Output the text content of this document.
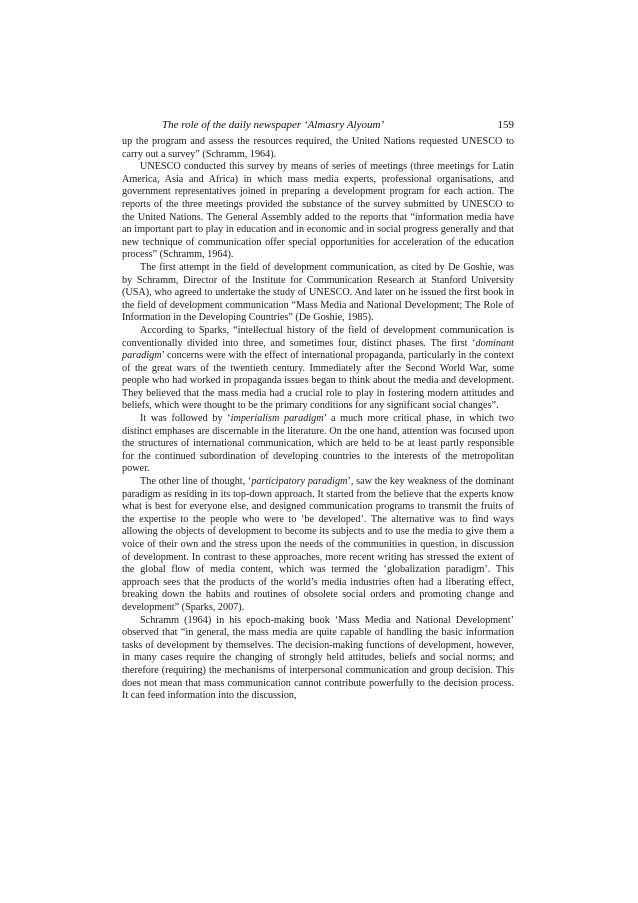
The role of the daily newspaper ‘Almasry Alyoum’	159

up the program and assess the resources required, the United Nations requested UNESCO to carry out a survey” (Schramm, 1964).

UNESCO conducted this survey by means of series of meetings (three meetings for Latin America, Asia and Africa) in which mass media experts, professional organisations, and government representatives joined in preparing a development program for each action. The reports of the three meetings provided the substance of the survey submitted by UNESCO to the United Nations. The General Assembly added to the reports that “information media have an important part to play in education and in economic and in social progress generally and that new technique of communication offer special opportunities for acceleration of the education process” (Schramm, 1964).

The first attempt in the field of development communication, as cited by De Goshie, was by Schramm, Director of the Institute for Communication Research at Stanford University (USA), who agreed to undertake the study of UNESCO. And later on he issued the first book in the field of development communication “Mass Media and National Development; The Role of Information in the Developing Countries” (De Goshie, 1985).

According to Sparks, “intellectual history of the field of development communication is conventionally divided into three, and sometimes four, distinct phases. The first ‘dominant paradigm’ concerns were with the effect of international propaganda, particularly in the context of the great wars of the twentieth century. Immediately after the Second World War, some people who had worked in propaganda issues began to think about the media and development. They believed that the mass media had a crucial role to play in fostering modern attitudes and beliefs, which were thought to be the primary conditions for any significant social changes”.

It was followed by ‘imperialism paradigm’ a much more critical phase, in which two distinct emphases are discernable in the literature. On the one hand, attention was focused upon the structures of international communication, which are held to be at least partly responsible for the continued subordination of developing countries to the interests of the metropolitan power.

The other line of thought, ‘participatory paradigm’, saw the key weakness of the dominant paradigm as residing in its top-down approach. It started from the believe that the experts know what is best for everyone else, and designed communication programs to transmit the fruits of the expertise to the people who were to ‘be developed’. The alternative was to find ways allowing the objects of development to become its subjects and to use the media to give them a voice of their own and the stress upon the needs of the communities in question, in discussion of development. In contrast to these approaches, more recent writing has stressed the extent of the global flow of media content, which was termed the ‘globalization paradigm’. This approach sees that the products of the world’s media industries often had a liberating effect, breaking down the habits and routines of obsolete social orders and promoting change and development” (Sparks, 2007).

Schramm (1964) in his epoch-making book ‘Mass Media and National Development’ observed that “in general, the mass media are quite capable of handling the basic information tasks of development by themselves. The decision-making functions of development, however, in many cases require the changing of strongly held attitudes, beliefs and social norms; and therefore (requiring) the mechanisms of interpersonal communication and group decision. This does not mean that mass communication cannot contribute powerfully to the decision process. It can feed information into the discussion,
